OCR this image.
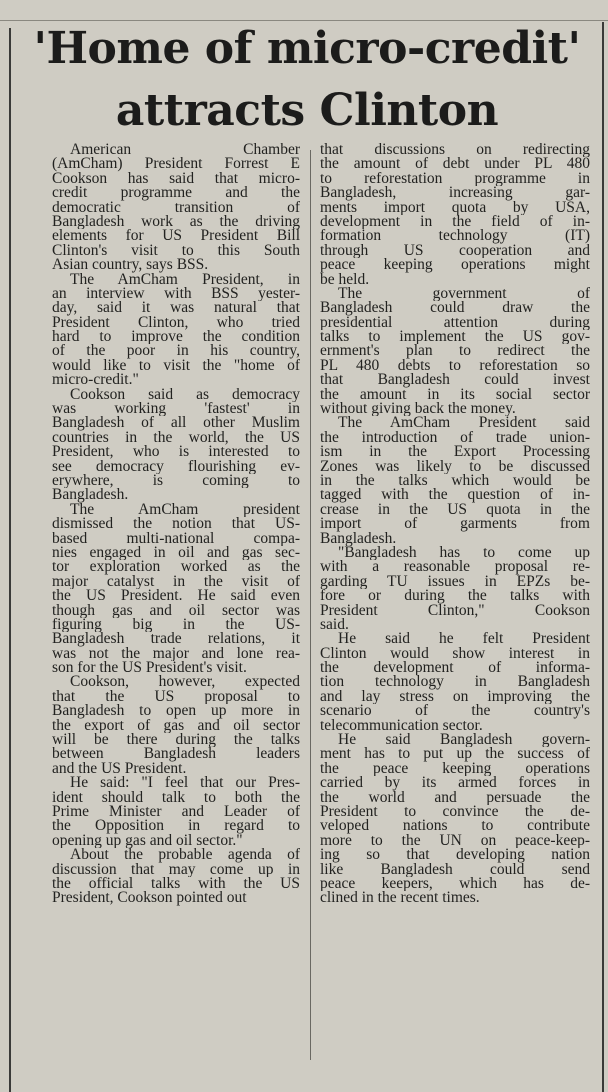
'Home of micro-credit'
attracts Clinton
American Chamber
(AmCham) President Forrest E
Cookson has said that micro-
credit programme and the
democratic transition of
Bangladesh work as the driving
elements for US President Bill
Clinton's visit to this South
Asian country, says BSS.
The AmCham President, in
an interview with BSS yester-
day, said it was natural that
President Clinton, who tried
hard to improve the condition
of the poor in his country,
would like to visit the "home of
micro-credit."
Cookson said as democracy
was working 'fastest' in
Bangladesh of all other Muslim
countries in the world, the US
President, who is interested to
see democracy flourishing ev-
erywhere, is coming to
Bangladesh.
The AmCham president
dismissed the notion that US-
based multi-national compa-
nies engaged in oil and gas sec-
tor exploration worked as the
major catalyst in the visit of
the US President. He said even
though gas and oil sector was
figuring big in the US-
Bangladesh trade relations, it
was not the major and lone rea-
son for the US President's visit.
Cookson, however, expected
that the US proposal to
Bangladesh to open up more in
the export of gas and oil sector
will be there during the talks
between Bangladesh leaders
and the US President.
He said: "I feel that our Pres-
ident should talk to both the
Prime Minister and Leader of
the Opposition in regard to
opening up gas and oil sector."
About the probable agenda of
discussion that may come up in
the official talks with the US
President, Cookson pointed out
that discussions on redirecting
the amount of debt under PL 480
to reforestation programme in
Bangladesh, increasing gar-
ments import quota by USA,
development in the field of in-
formation technology (IT)
through US cooperation and
peace keeping operations might
be held.
The government of
Bangladesh could draw the
presidential attention during
talks to implement the US gov-
ernment's plan to redirect the
PL 480 debts to reforestation so
that Bangladesh could invest
the amount in its social sector
without giving back the money.
The AmCham President said
the introduction of trade union-
ism in the Export Processing
Zones was likely to be discussed
in the talks which would be
tagged with the question of in-
crease in the US quota in the
import of garments from
Bangladesh.
"Bangladesh has to come up
with a reasonable proposal re-
garding TU issues in EPZs be-
fore or during the talks with
President Clinton," Cookson
said.
He said he felt President
Clinton would show interest in
the development of informa-
tion technology in Bangladesh
and lay stress on improving the
scenario of the country's
telecommunication sector.
He said Bangladesh govern-
ment has to put up the success of
the peace keeping operations
carried by its armed forces in
the world and persuade the
President to convince the de-
veloped nations to contribute
more to the UN on peace-keep-
ing so that developing nation
like Bangladesh could send
peace keepers, which has de-
clined in the recent times.
